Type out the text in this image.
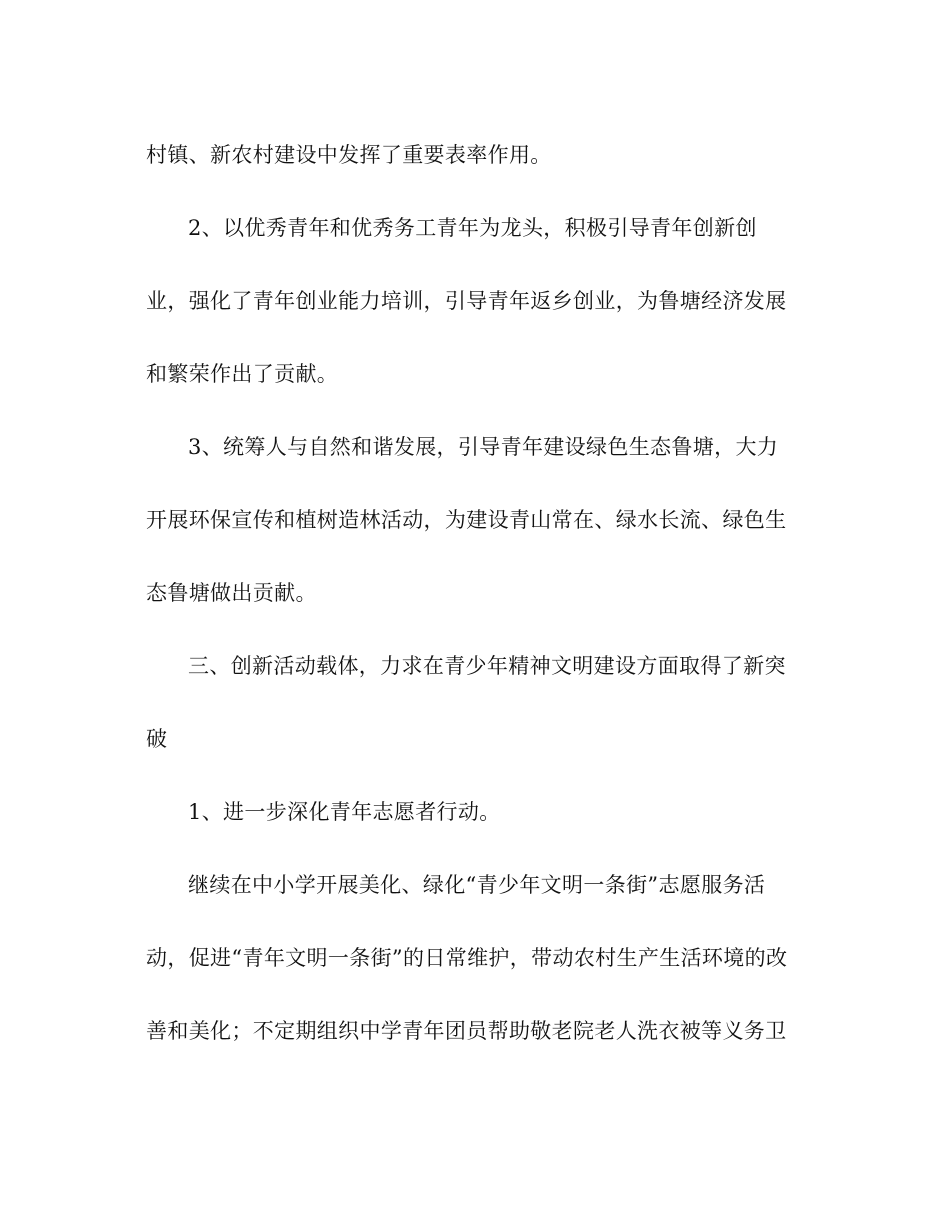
村镇、新农村建设中发挥了重要表率作用。
2、以优秀青年和优秀务工青年为龙头，积极引导青年创新创
业，强化了青年创业能力培训，引导青年返乡创业，为鲁塘经济发展
和繁荣作出了贡献。
3、统筹人与自然和谐发展，引导青年建设绿色生态鲁塘，大力
开展环保宣传和植树造林活动，为建设青山常在、绿水长流、绿色生
态鲁塘做出贡献。
三、创新活动载体，力求在青少年精神文明建设方面取得了新突
破
1、进一步深化青年志愿者行动。
继续在中小学开展美化、绿化“青少年文明一条街”志愿服务活
动，促进“青年文明一条街”的日常维护，带动农村生产生活环境的改
善和美化；不定期组织中学青年团员帮助敬老院老人洗衣被等义务卫
